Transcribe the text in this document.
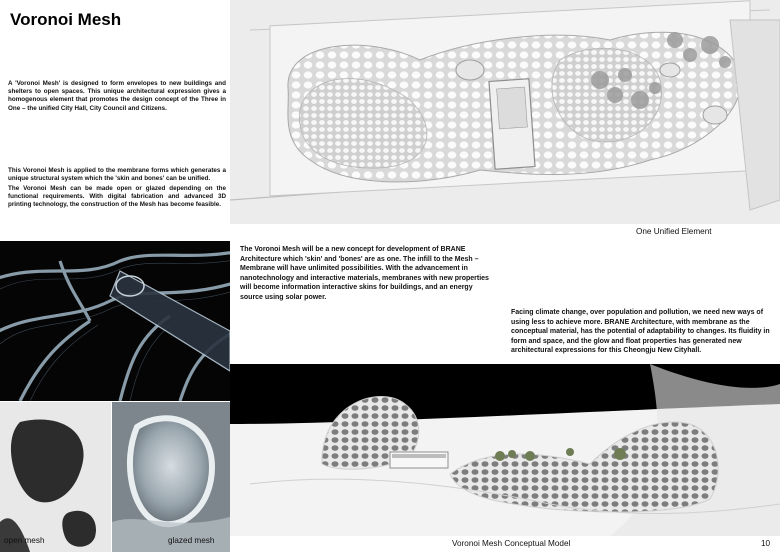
Voronoi Mesh
A 'Voronoi Mesh' is designed to form envelopes to new buildings and shelters to open spaces. This unique architectural expression gives a homogenous element that promotes the design concept of the Three in One – the unified City Hall, City Council and Citizens.
This Voronoi Mesh is applied to the membrane forms which generates a unique structural system which the 'skin and bones' can be unified.
The Voronoi Mesh can be made open or glazed depending on the functional requirements. With digital fabrication and advanced 3D printing technology, the construction of the Mesh has become feasible.
One Unified Element
open mesh	glazed mesh
The Voronoi Mesh will be a new concept for development of BRANE Architecture which 'skin' and 'bones' are as one. The infill to the Mesh – Membrane will have unlimited possibilities. With the advancement in nanotechnology and interactive materials, membranes with new properties will become information interactive skins for buildings, and an energy source using solar power.
Facing climate change, over population and pollution, we need new ways of using less to achieve more. BRANE Architecture, with membrane as the conceptual material, has the potential of adaptability to changes. Its fluidity in form and space, and the glow and float properties has generated new architectural expressions for this Cheongju New Cityhall.
Voronoi Mesh Conceptual Model	10
